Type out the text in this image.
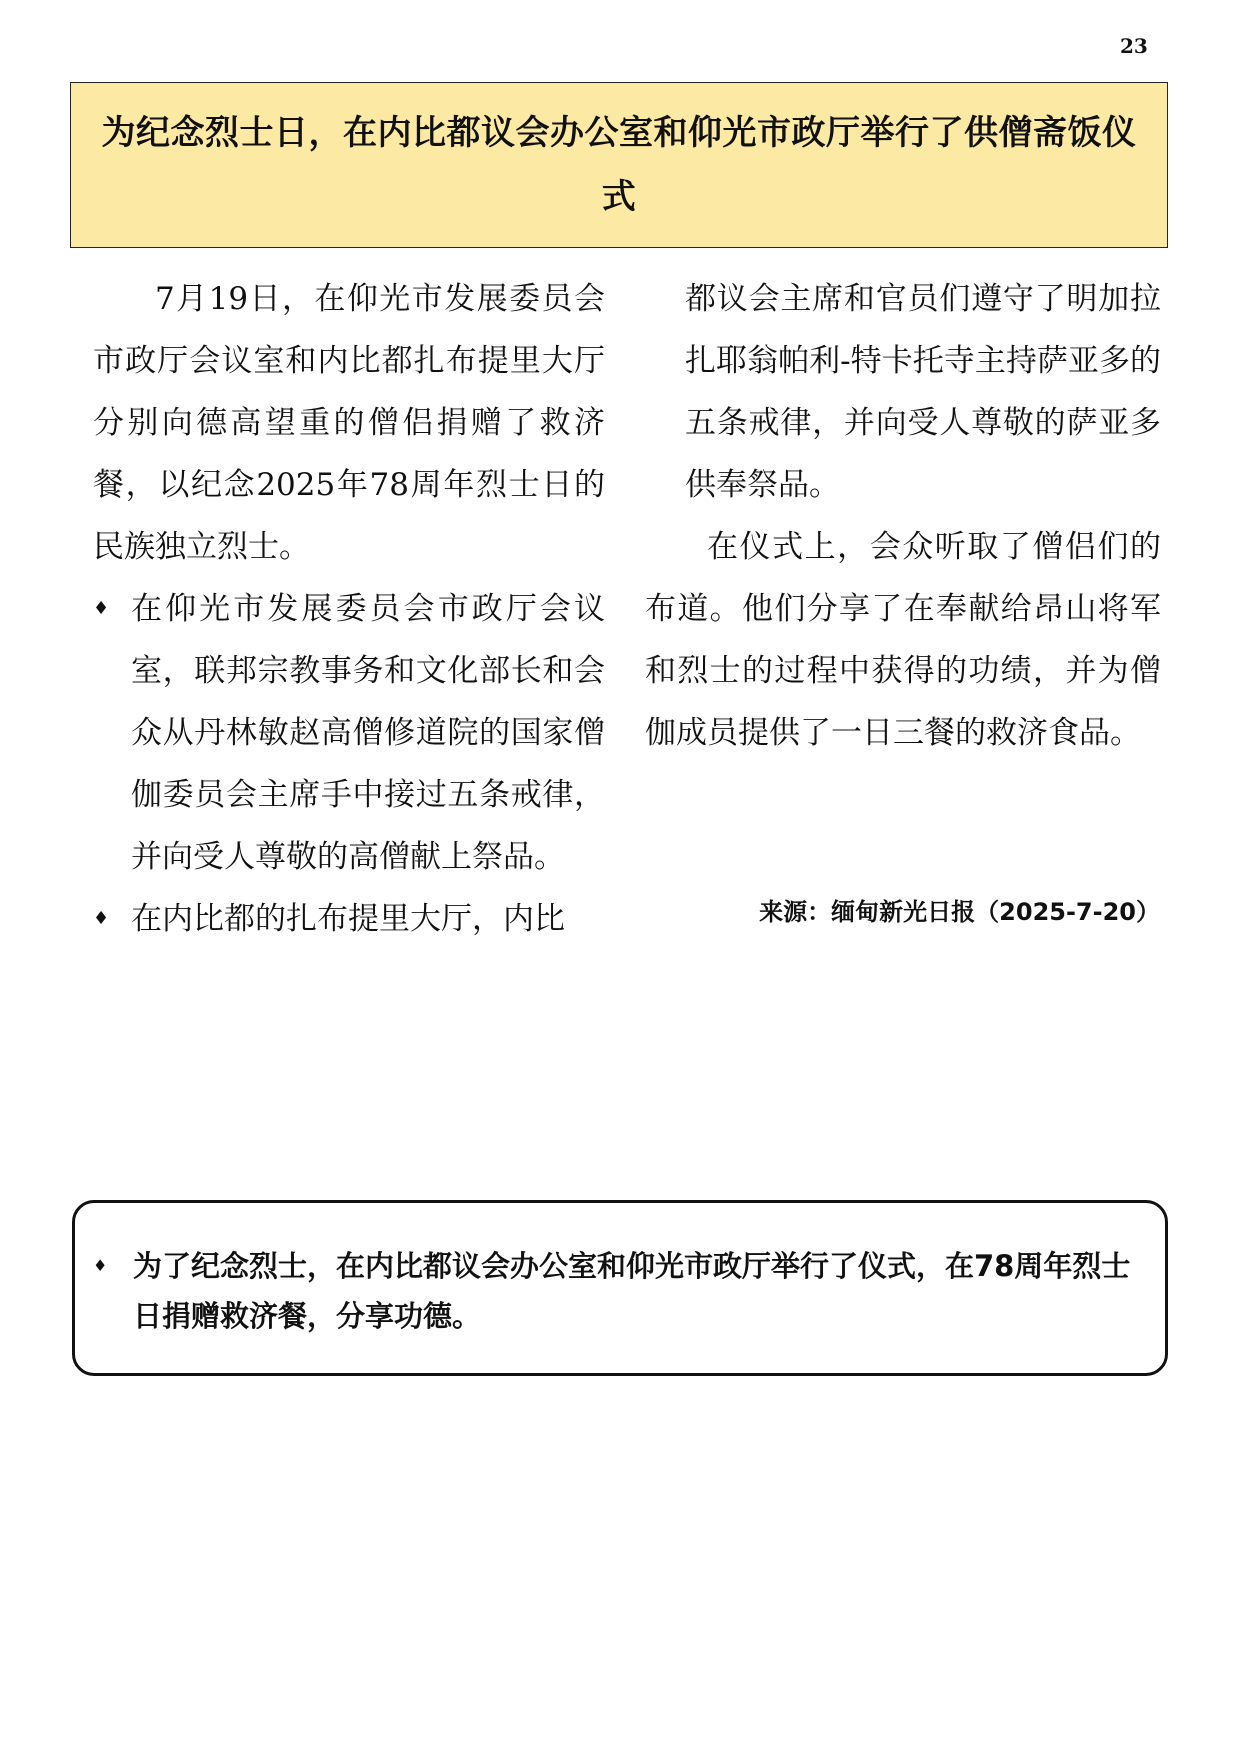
23
为纪念烈士日，在内比都议会办公室和仰光市政厅举行了供僧斋饭仪式

7月19日，在仰光市发展委员会市政厅会议室和内比都扎布提里大厅分别向德高望重的僧侣捐赠了救济餐，以纪念2025年78周年烈士日的民族独立烈士。

♦ 在仰光市发展委员会市政厅会议室，联邦宗教事务和文化部长和会众从丹林敏赵高僧修道院的国家僧伽委员会主席手中接过五条戒律，并向受人尊敬的高僧献上祭品。
♦ 在内比都的扎布提里大厅，内比

都议会主席和官员们遵守了明加拉扎耶翁帕利-特卡托寺主持萨亚多的五条戒律，并向受人尊敬的萨亚多供奉祭品。

在仪式上，会众听取了僧侣们的布道。他们分享了在奉献给昂山将军和烈士的过程中获得的功绩，并为僧伽成员提供了一日三餐的救济食品。

来源：缅甸新光日报（2025-7-20）
♦ 为了纪念烈士，在内比都议会办公室和仰光市政厅举行了仪式，在78周年烈士日捐赠救济餐，分享功德。
